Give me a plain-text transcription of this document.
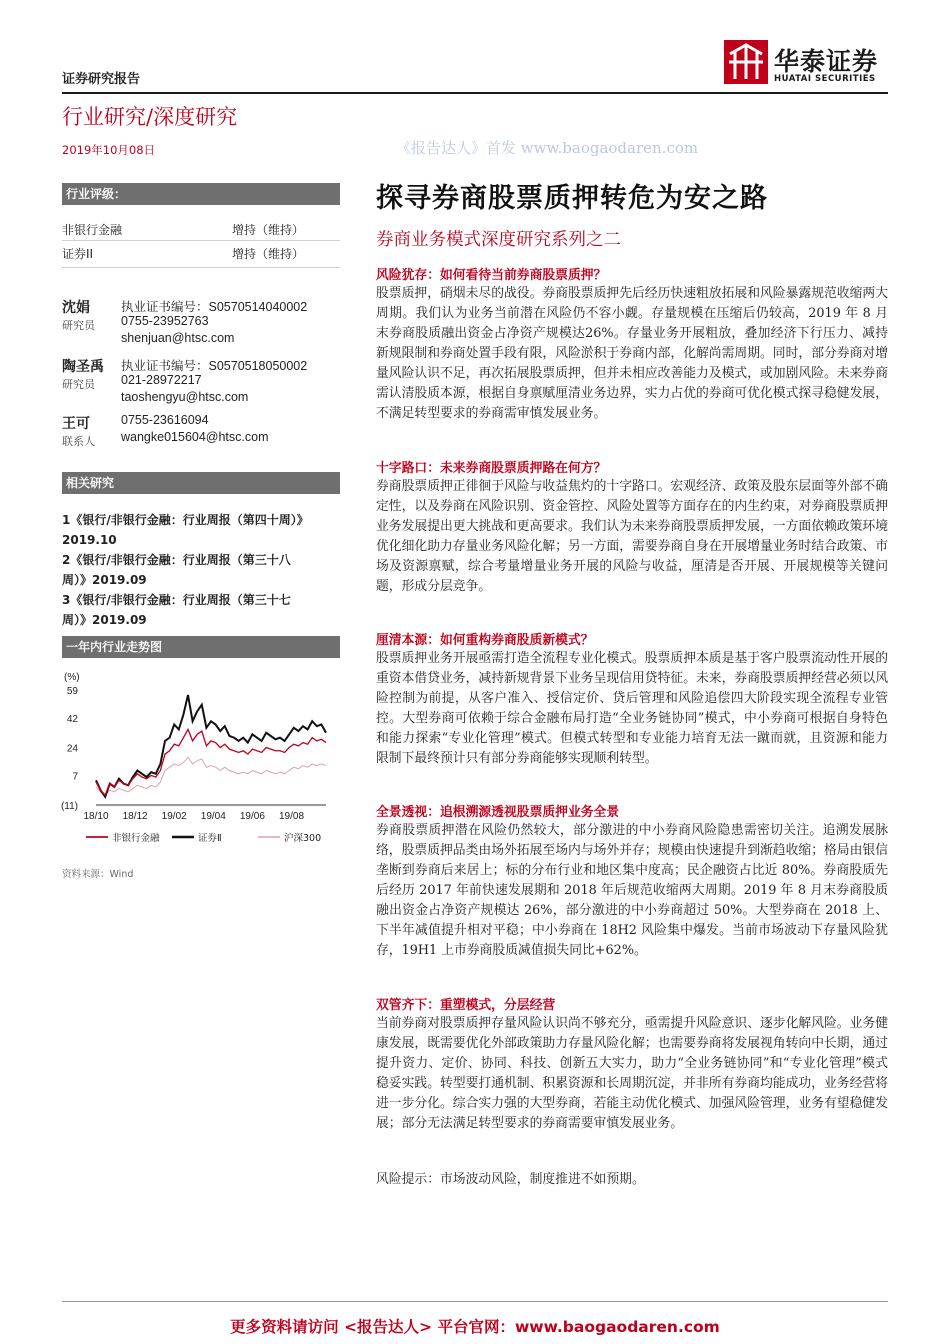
证券研究报告
华泰证券
HUATAI SECURITIES
行业研究/深度研究
2019年10月08日	《报告达人》首发 www.baogaodaren.com
行业评级：
非银行金融	增持（维持）
证券II	增持（维持）
沈娟
研究员
执业证书编号：S0570514040002
0755-23952763
shenjuan@htsc.com
陶圣禹
研究员
执业证书编号：S0570518050002
021-28972217
taoshengyu@htsc.com
王可
联系人
0755-23616094
wangke015604@htsc.com
相关研究
1《银行/非银行金融：行业周报（第四十周）》
2019.10
2《银行/非银行金融：行业周报（第三十八
周）》2019.09
3《银行/非银行金融：行业周报（第三十七
周）》2019.09
一年内行业走势图
(%)
59
42
24
7
(11)
18/10 18/12 19/02 19/04 19/06 19/08
非银行金融	证券Ⅱ	沪深300
资料来源：Wind
探寻券商股票质押转危为安之路
券商业务模式深度研究系列之二
风险犹存：如何看待当前券商股票质押？
股票质押，硝烟未尽的战役。券商股票质押先后经历快速粗放拓展和风险暴露规范收缩两大周期。我们认为业务当前潜在风险仍不容小觑。存量规模在压缩后仍较高，2019 年 8 月末券商股质融出资金占净资产规模达26%。存量业务开展粗放，叠加经济下行压力、减持新规限制和券商处置手段有限，风险淤积于券商内部，化解尚需周期。同时，部分券商对增量风险认识不足，再次拓展股票质押，但并未相应改善能力及模式，或加剧风险。未来券商需认清股质本源，根据自身禀赋厘清业务边界，实力占优的券商可优化模式探寻稳健发展，不满足转型要求的券商需审慎发展业务。
十字路口：未来券商股票质押路在何方？
券商股票质押正徘徊于风险与收益焦灼的十字路口。宏观经济、政策及股东层面等外部不确定性，以及券商在风险识别、资金管控、风险处置等方面存在的内生约束，对券商股票质押业务发展提出更大挑战和更高要求。我们认为未来券商股票质押发展，一方面依赖政策环境优化细化助力存量业务风险化解；另一方面，需要券商自身在开展增量业务时结合政策、市场及资源禀赋，综合考量增量业务开展的风险与收益，厘清是否开展、开展规模等关键问题，形成分层竞争。
厘清本源：如何重构券商股质新模式？
股票质押业务开展亟需打造全流程专业化模式。股票质押本质是基于客户股票流动性开展的重资本借贷业务，减持新规背景下业务呈现信用贷特征。未来，券商股票质押经营必须以风险控制为前提，从客户准入、授信定价、贷后管理和风险追偿四大阶段实现全流程专业管控。大型券商可依赖于综合金融布局打造“全业务链协同”模式，中小券商可根据自身特色和能力探索“专业化管理”模式。但模式转型和专业能力培育无法一蹴而就，且资源和能力限制下最终预计只有部分券商能够实现顺利转型。
全景透视：追根溯源透视股票质押业务全景
券商股票质押潜在风险仍然较大，部分激进的中小券商风险隐患需密切关注。追溯发展脉络，股票质押品类由场外拓展至场内与场外并存；规模由快速提升到渐趋收缩；格局由银信垄断到券商后来居上；标的分布行业和地区集中度高；民企融资占比近 80%。券商股质先后经历 2017 年前快速发展期和 2018 年后规范收缩两大周期。2019 年 8 月末券商股质融出资金占净资产规模达 26%，部分激进的中小券商超过 50%。大型券商在 2018 上、下半年减值提升相对平稳；中小券商在 18H2 风险集中爆发。当前市场波动下存量风险犹存，19H1 上市券商股质减值损失同比+62%。
双管齐下：重塑模式，分层经营
当前券商对股票质押存量风险认识尚不够充分，亟需提升风险意识、逐步化解风险。业务健康发展，既需要优化外部政策助力存量风险化解；也需要券商将发展视角转向中长期，通过提升资力、定价、协同、科技、创新五大实力，助力“全业务链协同”和“专业化管理”模式稳妥实践。转型要打通机制、积累资源和长周期沉淀，并非所有券商均能成功，业务经营将进一步分化。综合实力强的大型券商，若能主动优化模式、加强风险管理，业务有望稳健发展；部分无法满足转型要求的券商需要审慎发展业务。
风险提示：市场波动风险，制度推进不如预期。
更多资料请访问 <报告达人> 平台官网：www.baogaodaren.com
